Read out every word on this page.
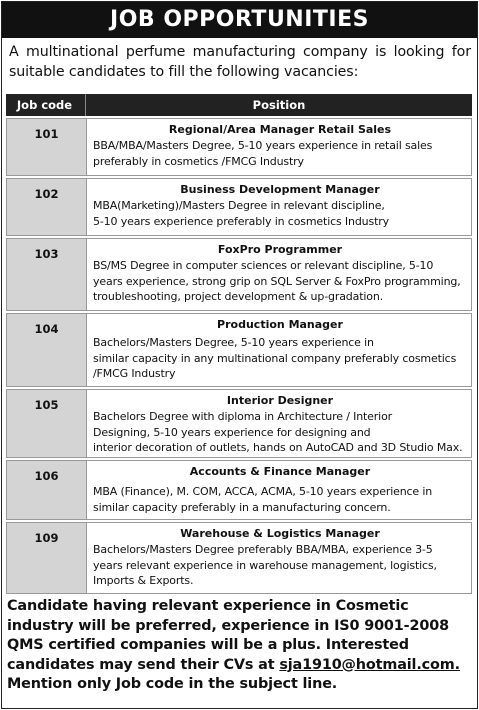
JOB OPPORTUNITIES

A multinational perfume manufacturing company is looking for suitable candidates to fill the following vacancies:

Job code	Position
101	Regional/Area Manager Retail Sales
BBA/MBA/Masters Degree, 5-10 years experience in retail sales
preferably in cosmetics /FMCG Industry
102	Business Development Manager
MBA(Marketing)/Masters Degree in relevant discipline,
5-10 years experience preferably in cosmetics Industry
103	FoxPro Programmer
BS/MS Degree in computer sciences or relevant discipline, 5-10
years experience, strong grip on SQL Server & FoxPro programming,
troubleshooting, project development & up-gradation.
104	Production Manager
Bachelors/Masters Degree, 5-10 years experience in
similar capacity in any multinational company preferably cosmetics
/FMCG Industry
105	Interior Designer
Bachelors Degree with diploma in Architecture / Interior
Designing, 5-10 years experience for designing and
interior decoration of outlets, hands on AutoCAD and 3D Studio Max.
106	Accounts & Finance Manager
MBA (Finance), M. COM, ACCA, ACMA, 5-10 years experience in
similar capacity preferably in a manufacturing concern.
109	Warehouse & Logistics Manager
Bachelors/Masters Degree preferably BBA/MBA, experience 3-5
years relevant experience in warehouse management, logistics,
Imports & Exports.

Candidate having relevant experience in Cosmetic industry will be preferred, experience in IS0 9001-2008 QMS certified companies will be a plus. Interested candidates may send their CVs at sja1910@hotmail.com. Mention only Job code in the subject line.
